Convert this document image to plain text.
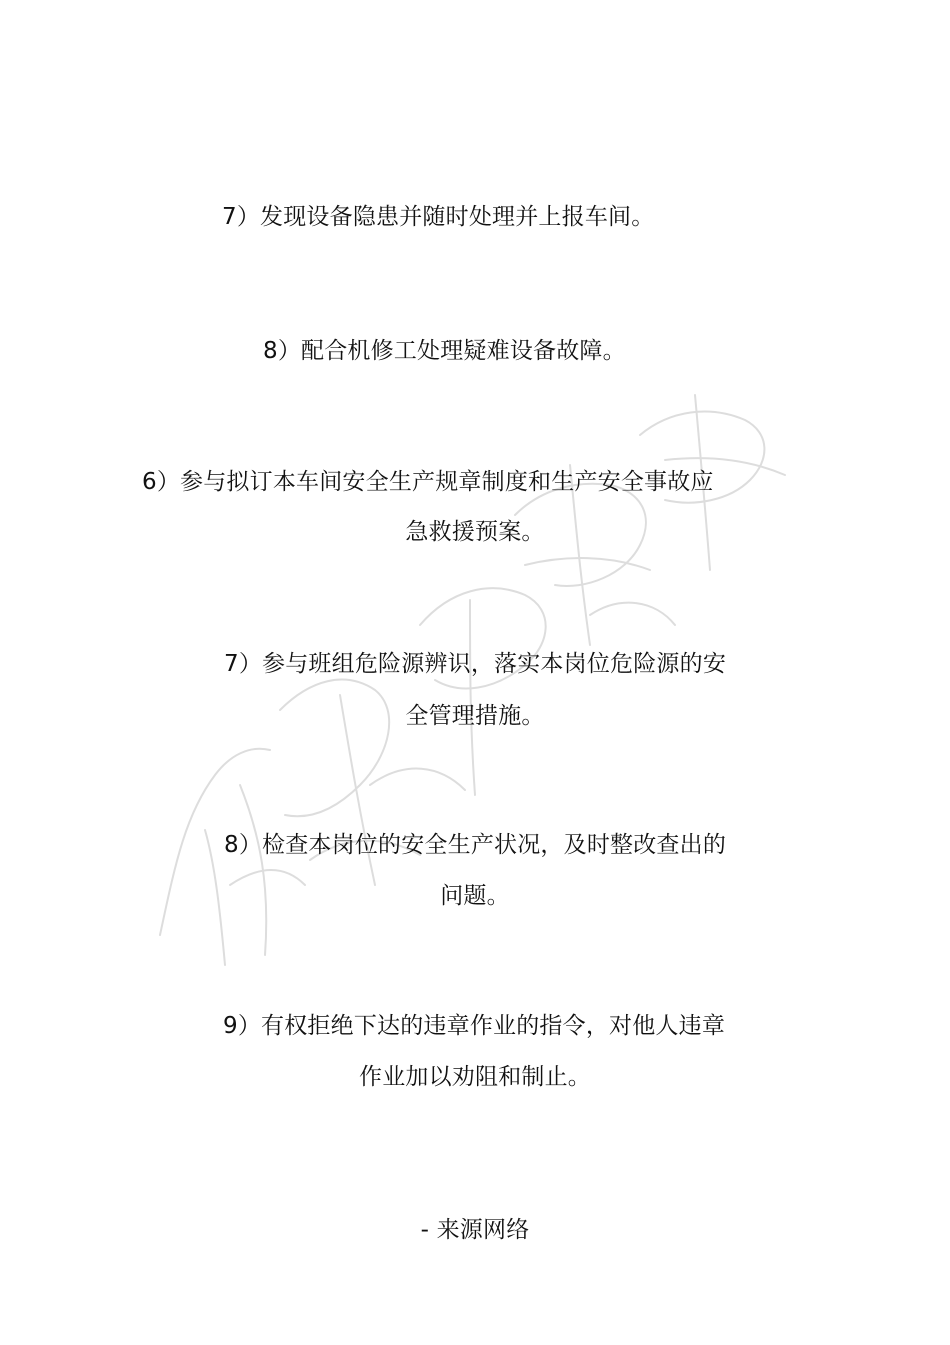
7）发现设备隐患并随时处理并上报车间。
8）配合机修工处理疑难设备故障。
6）参与拟订本车间安全生产规章制度和生产安全事故应
急救援预案。
7）参与班组危险源辨识，落实本岗位危险源的安
全管理措施。
8）检查本岗位的安全生产状况，及时整改查出的
问题。
9）有权拒绝下达的违章作业的指令，对他人违章
作业加以劝阻和制止。
- 来源网络
